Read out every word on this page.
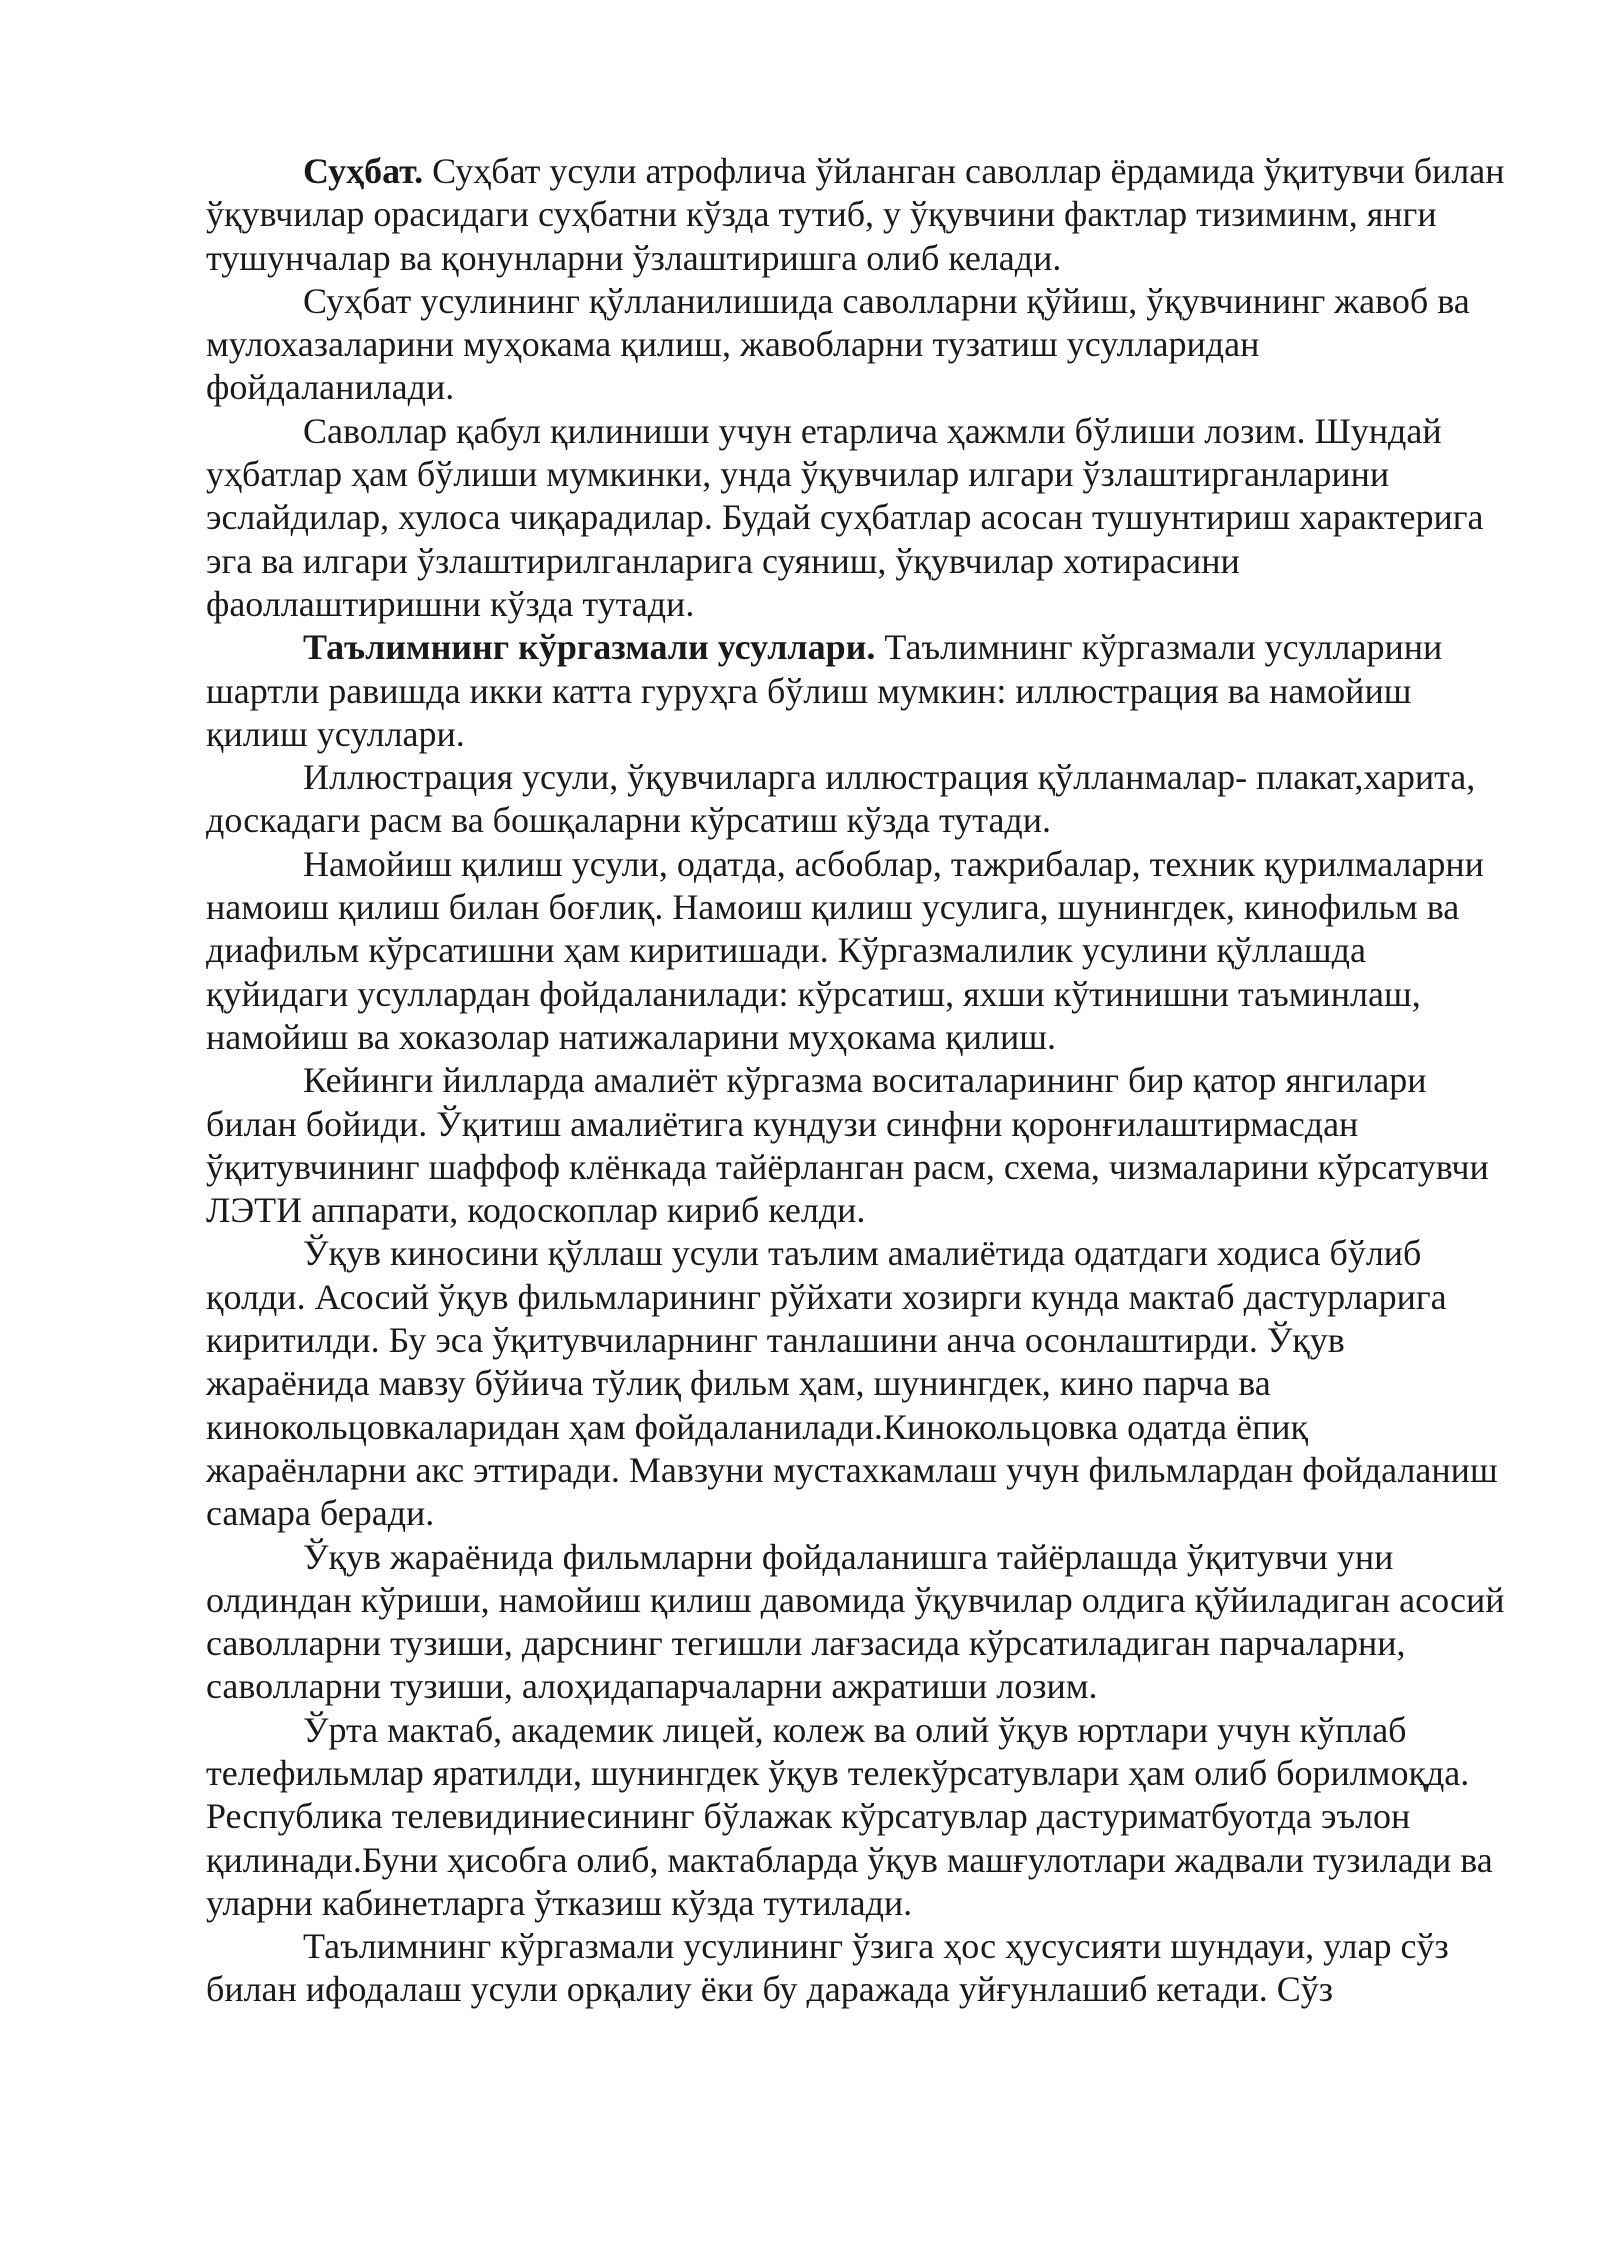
Суҳбат. Суҳбат усули атрофлича ўйланган саволлар ёрдамида ўқитувчи билан ўқувчилар орасидаги суҳбатни кўзда тутиб, у ўқувчини фактлар тизиминм, янги тушунчалар ва қонунларни ўзлаштиришга олиб келади.

Суҳбат усулининг қўлланилишида саволларни қўйиш, ўқувчининг жавоб ва мулохазаларини муҳокама қилиш, жавобларни тузатиш усулларидан фойдаланилади.

Саволлар қабул қилиниши учун етарлича ҳажмли бўлиши лозим. Шундай уҳбатлар ҳам бўлиши мумкинки, унда ўқувчилар илгари ўзлаштирганларини эслайдилар, хулоса чиқарадилар. Будай суҳбатлар асосан тушунтириш характерига эга ва илгари ўзлаштирилганларига суяниш, ўқувчилар хотирасини фаоллаштиришни кўзда тутади.

Таълимнинг кўргазмали усуллари. Таълимнинг кўргазмали усулларини шартли равишда икки катта гуруҳга бўлиш мумкин: иллюстрация ва намойиш қилиш усуллари.

Иллюстрация усули, ўқувчиларга иллюстрация қўлланмалар- плакат,харита, доскадаги расм ва бошқаларни кўрсатиш кўзда тутади.

Намойиш қилиш усули, одатда, асбоблар, тажрибалар, техник қурилмаларни намоиш қилиш билан боғлиқ. Намоиш қилиш усулига, шунингдек, кинофильм ва диафильм кўрсатишни ҳам киритишади. Кўргазмалилик усулини қўллашда қуйидаги усуллардан фойдаланилади: кўрсатиш, яхши кўтинишни таъминлаш, намойиш ва хоказолар натижаларини муҳокама қилиш.

Кейинги йилларда амалиёт кўргазма воситаларининг бир қатор янгилари билан бойиди. Ўқитиш амалиётига кундузи синфни қоронғилаштирмасдан ўқитувчининг шаффоф клёнкада тайёрланган расм, схема, чизмаларини кўрсатувчи ЛЭТИ аппарати, кодоскоплар кириб келди.

Ўқув киносини қўллаш усули таълим амалиётида одатдаги ходиса бўлиб қолди. Асосий ўқув фильмларининг рўйхати хозирги кунда мактаб дастурларига киритилди. Бу эса ўқитувчиларнинг танлашини анча осонлаштирди. Ўқув жараёнида мавзу бўйича тўлиқ фильм ҳам, шунингдек, кино парча ва кинокольцовкаларидан ҳам фойдаланилади.Кинокольцовка одатда ёпиқ жараёнларни акс эттиради. Мавзуни мустахкамлаш учун фильмлардан фойдаланиш самара беради.

Ўқув жараёнида фильмларни фойдаланишга тайёрлашда ўқитувчи уни олдиндан кўриши, намойиш қилиш давомида ўқувчилар олдига қўйиладиган асосий саволларни тузиши, дарснинг тегишли лағзасида кўрсатиладиган парчаларни, саволларни тузиши, алоҳидапарчаларни ажратиши лозим.

Ўрта мактаб, академик лицей, колеж ва олий ўқув юртлари учун кўплаб телефильмлар яратилди, шунингдек ўқув телекўрсатувлари ҳам олиб борилмоқда. Республика телевидиниесининг бўлажак кўрсатувлар дастуриматбуотда эълон қилинади.Буни ҳисобга олиб, мактабларда ўқув машғулотлари жадвали тузилади ва уларни кабинетларга ўтказиш кўзда тутилади.

Таълимнинг кўргазмали усулининг ўзига ҳос ҳусусияти шундауи, улар сўз билан ифодалаш усули орқалиу ёки бу даражада уйғунлашиб кетади. Сўз
